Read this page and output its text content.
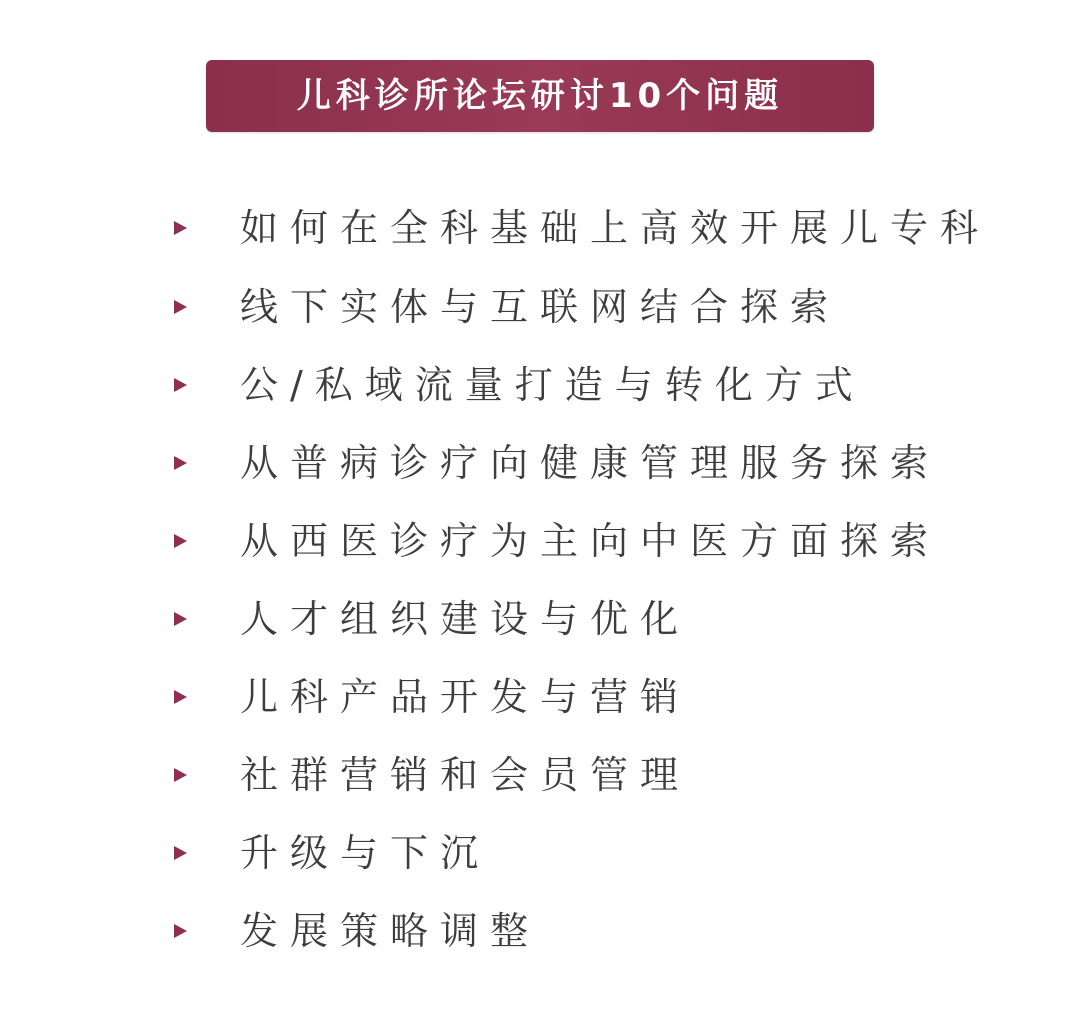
儿科诊所论坛研讨10个问题
如何在全科基础上高效开展儿专科
线下实体与互联网结合探索
公/私域流量打造与转化方式
从普病诊疗向健康管理服务探索
从西医诊疗为主向中医方面探索
人才组织建设与优化
儿科产品开发与营销
社群营销和会员管理
升级与下沉
发展策略调整
